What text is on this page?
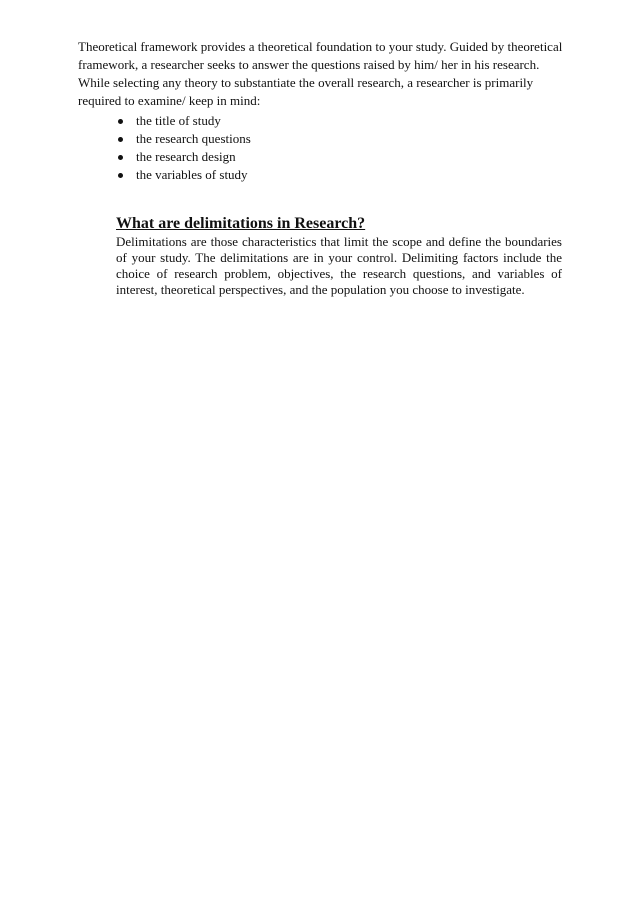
Theoretical framework provides a theoretical foundation to your study. Guided by theoretical
framework, a researcher seeks to answer the questions raised by him/ her in his research.
While selecting any theory to substantiate the overall research, a researcher is primarily
required to examine/ keep in mind:

the title of study
the research questions
the research design
the variables of study
What are delimitations in Research?

Delimitations are those characteristics that limit the scope and define the boundaries
of your study. The delimitations are in your control. Delimiting factors include the
choice of research problem, objectives, the research questions, and variables of
interest, theoretical perspectives, and the population you choose to investigate.
